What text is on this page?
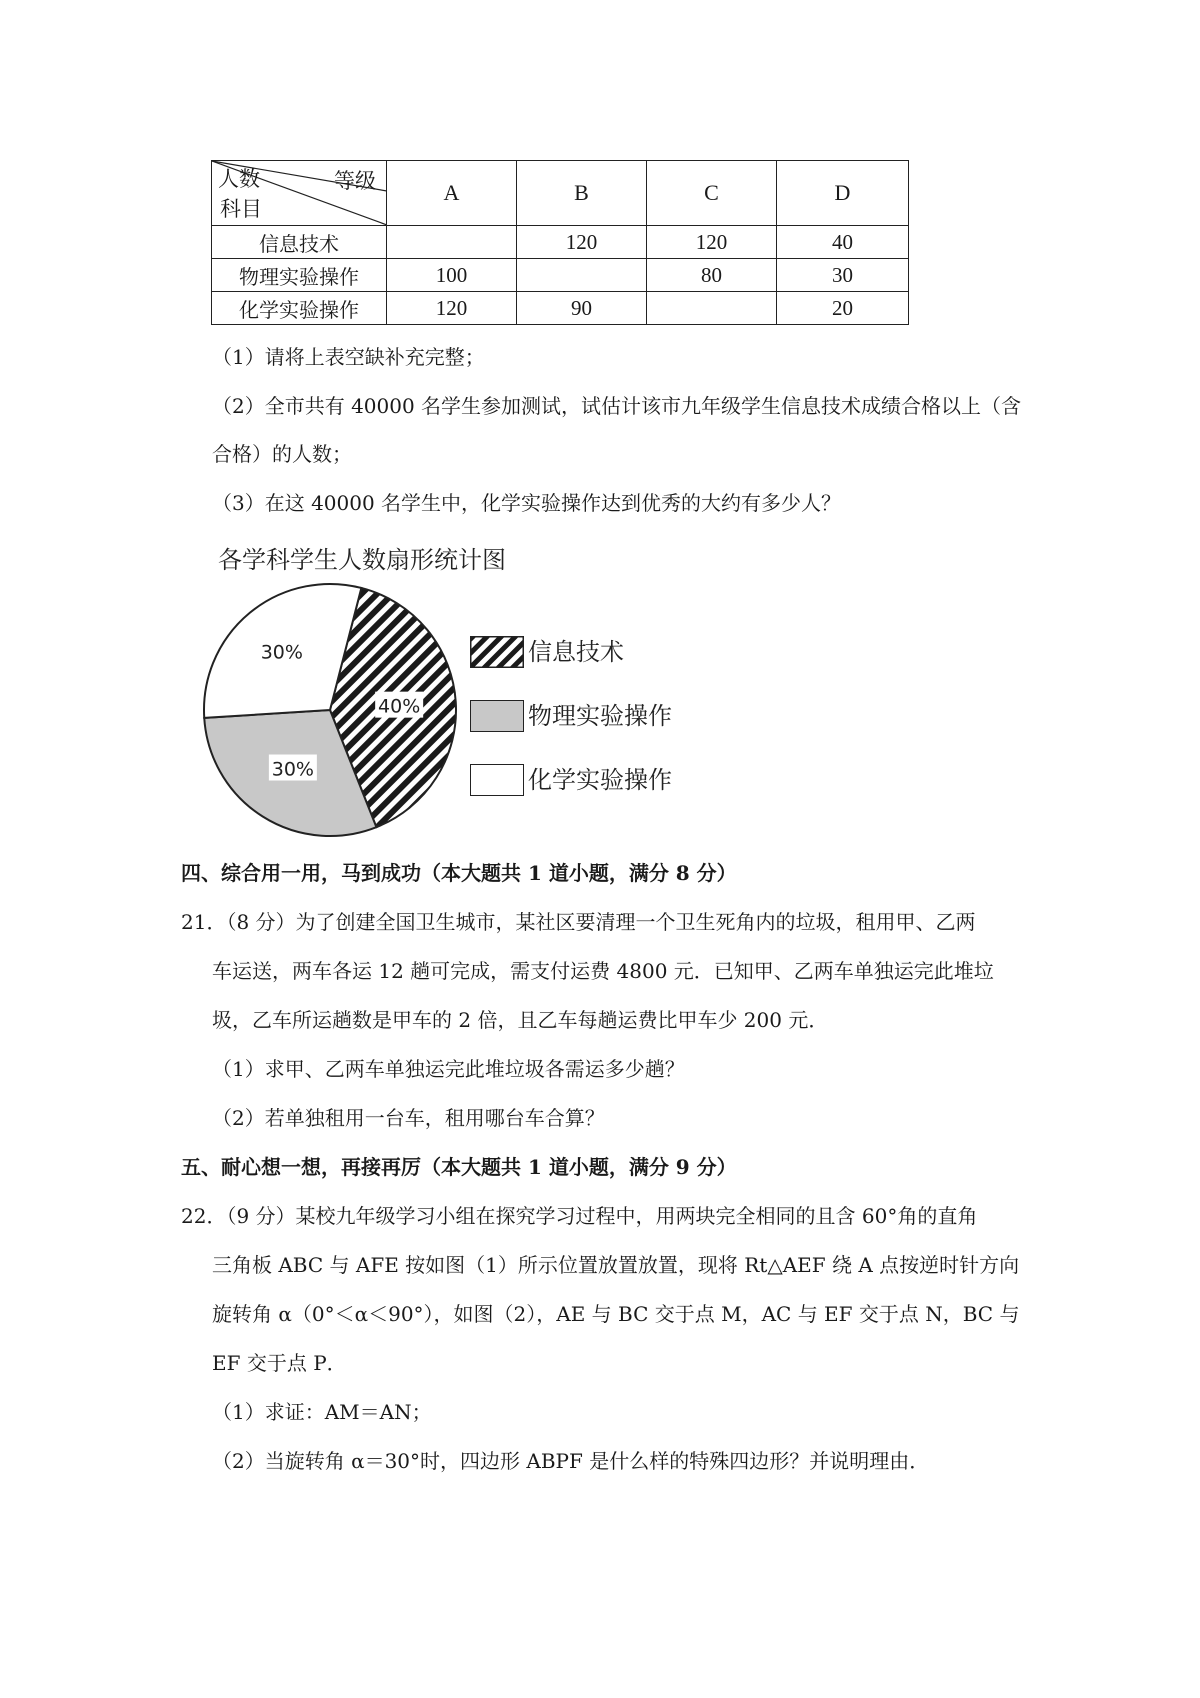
人数 等级
科目	A	B	C	D
信息技术		120	120	40
物理实验操作	100		80	30
化学实验操作	120	90		20
（1）请将上表空缺补充完整；
（2）全市共有 40000 名学生参加测试，试估计该市九年级学生信息技术成绩合格以上（含
合格）的人数；
（3）在这 40000 名学生中，化学实验操作达到优秀的大约有多少人？
各学科学生人数扇形统计图
40%
30%
30%	信息技术
物理实验操作
化学实验操作
四、综合用一用，马到成功（本大题共 1 道小题，满分 8 分）
21．（8 分）为了创建全国卫生城市，某社区要清理一个卫生死角内的垃圾，租用甲、乙两
车运送，两车各运 12 趟可完成，需支付运费 4800 元．已知甲、乙两车单独运完此堆垃
圾，乙车所运趟数是甲车的 2 倍，且乙车每趟运费比甲车少 200 元．
（1）求甲、乙两车单独运完此堆垃圾各需运多少趟？
（2）若单独租用一台车，租用哪台车合算？
五、耐心想一想，再接再厉（本大题共 1 道小题，满分 9 分）
22．（9 分）某校九年级学习小组在探究学习过程中，用两块完全相同的且含 60°角的直角
三角板 ABC 与 AFE 按如图（1）所示位置放置放置，现将 Rt△AEF 绕 A 点按逆时针方向
旋转角 α（0°＜α＜90°），如图（2），AE 与 BC 交于点 M，AC 与 EF 交于点 N，BC 与
EF 交于点 P．
（1）求证：AM＝AN；
（2）当旋转角 α＝30°时，四边形 ABPF 是什么样的特殊四边形？并说明理由．
